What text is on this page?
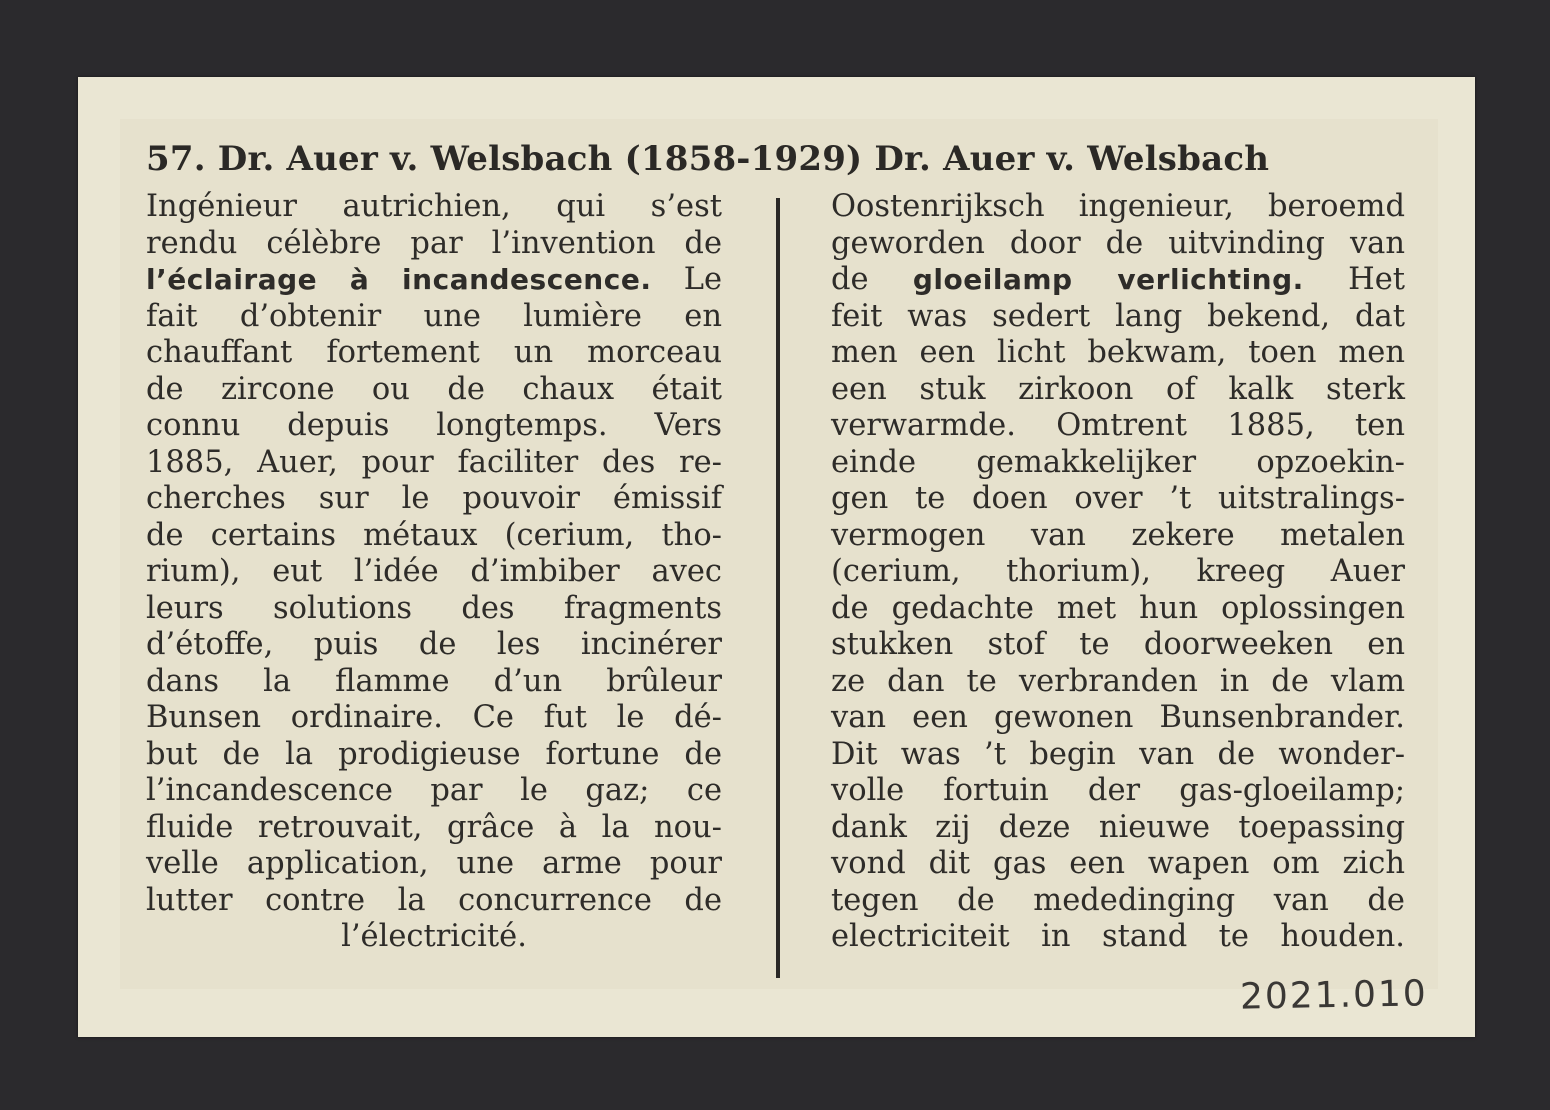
57. Dr. Auer v. Welsbach (1858-1929) Dr. Auer v. Welsbach
Ingénieur autrichien, qui s’est
rendu célèbre par l’invention de
l’éclairage à incandescence. Le
fait d’obtenir une lumière en
chauffant fortement un morceau
de zircone ou de chaux était
connu depuis longtemps. Vers
1885, Auer, pour faciliter des re-
cherches sur le pouvoir émissif
de certains métaux (cerium, tho-
rium), eut l’idée d’imbiber avec
leurs solutions des fragments
d’étoffe, puis de les incinérer
dans la flamme d’un brûleur
Bunsen ordinaire. Ce fut le dé-
but de la prodigieuse fortune de
l’incandescence par le gaz; ce
fluide retrouvait, grâce à la nou-
velle application, une arme pour
lutter contre la concurrence de
l’électricité.
Oostenrijksch ingenieur, beroemd
geworden door de uitvinding van
de gloeilamp verlichting. Het
feit was sedert lang bekend, dat
men een licht bekwam, toen men
een stuk zirkoon of kalk sterk
verwarmde. Omtrent 1885, ten
einde gemakkelijker opzoekin-
gen te doen over ’t uitstralings-
vermogen van zekere metalen
(cerium, thorium), kreeg Auer
de gedachte met hun oplossingen
stukken stof te doorweeken en
ze dan te verbranden in de vlam
van een gewonen Bunsenbrander.
Dit was ’t begin van de wonder-
volle fortuin der gas-gloeilamp;
dank zij deze nieuwe toepassing
vond dit gas een wapen om zich
tegen de mededinging van de
electriciteit in stand te houden.
2021.010
